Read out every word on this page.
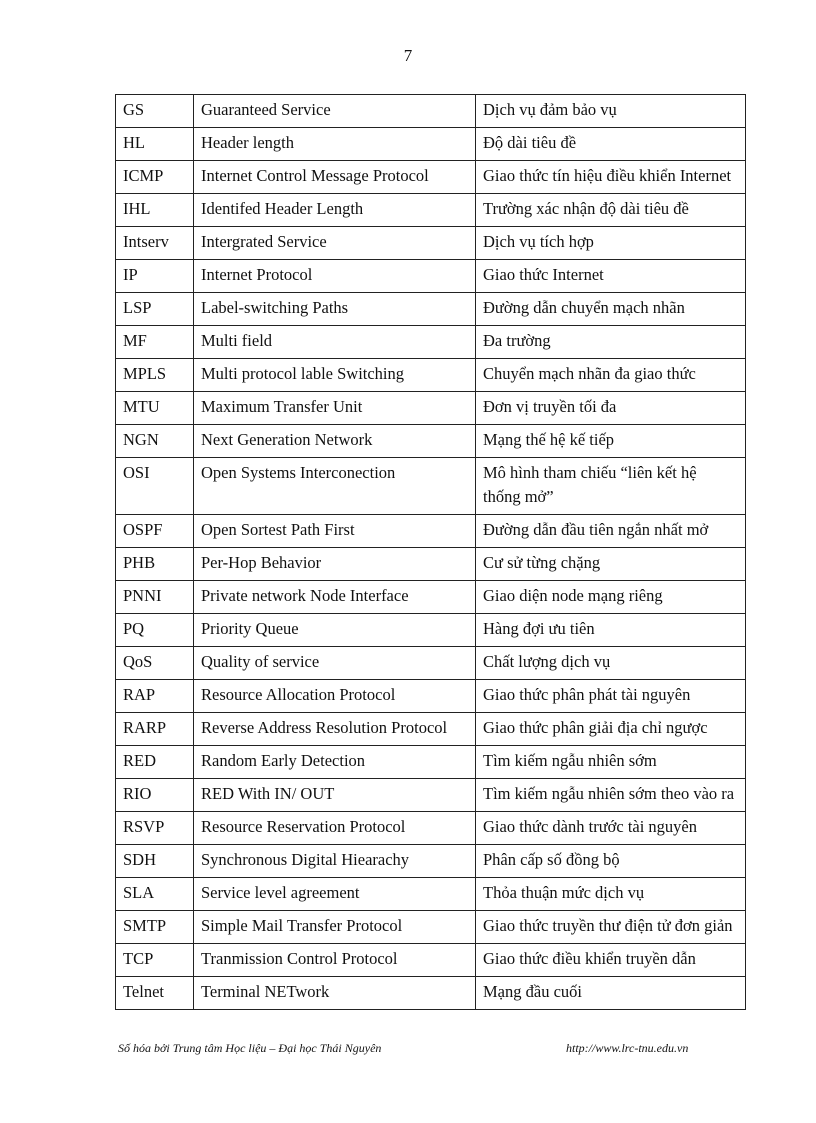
7
GS	Guaranteed Service	Dịch vụ đảm bảo vụ
HL	Header length	Độ dài tiêu đề
ICMP	Internet Control Message Protocol	Giao thức tín hiệu điều khiển Internet
IHL	Identifed Header Length	Trường xác nhận độ dài tiêu đề
Intserv	Intergrated Service	Dịch vụ tích hợp
IP	Internet Protocol	Giao thức Internet
LSP	Label-switching Paths	Đường dẫn chuyển mạch nhãn
MF	Multi field	Đa trường
MPLS	Multi protocol lable Switching	Chuyển mạch nhãn đa giao thức
MTU	Maximum Transfer Unit	Đơn vị truyền tối đa
NGN	Next Generation Network	Mạng thế hệ kế tiếp
OSI	Open Systems Interconection	Mô hình tham chiếu “liên kết hệ thống mở”
OSPF	Open Sortest Path First	Đường dẫn đầu tiên ngắn nhất mở
PHB	Per-Hop Behavior	Cư sử từng chặng
PNNI	Private network Node Interface	Giao diện node mạng riêng
PQ	Priority Queue	Hàng đợi ưu tiên
QoS	Quality of service	Chất lượng dịch vụ
RAP	Resource Allocation Protocol	Giao thức phân phát tài nguyên
RARP	Reverse Address Resolution Protocol	Giao thức phân giải địa chỉ ngược
RED	Random Early Detection	Tìm kiếm ngẫu nhiên sớm
RIO	RED With IN/ OUT	Tìm kiếm ngẫu nhiên sớm theo vào ra
RSVP	Resource Reservation Protocol	Giao thức dành trước tài nguyên
SDH	Synchronous Digital Hiearachy	Phân cấp số đồng bộ
SLA	Service level agreement	Thỏa thuận mức dịch vụ
SMTP	Simple Mail Transfer Protocol	Giao thức truyền thư điện tử đơn giản
TCP	Tranmission Control Protocol	Giao thức điều khiển truyền dẫn
Telnet	Terminal NETwork	Mạng đầu cuối
Số hóa bởi Trung tâm Học liệu – Đại học Thái Nguyên	http://www.lrc-tnu.edu.vn
